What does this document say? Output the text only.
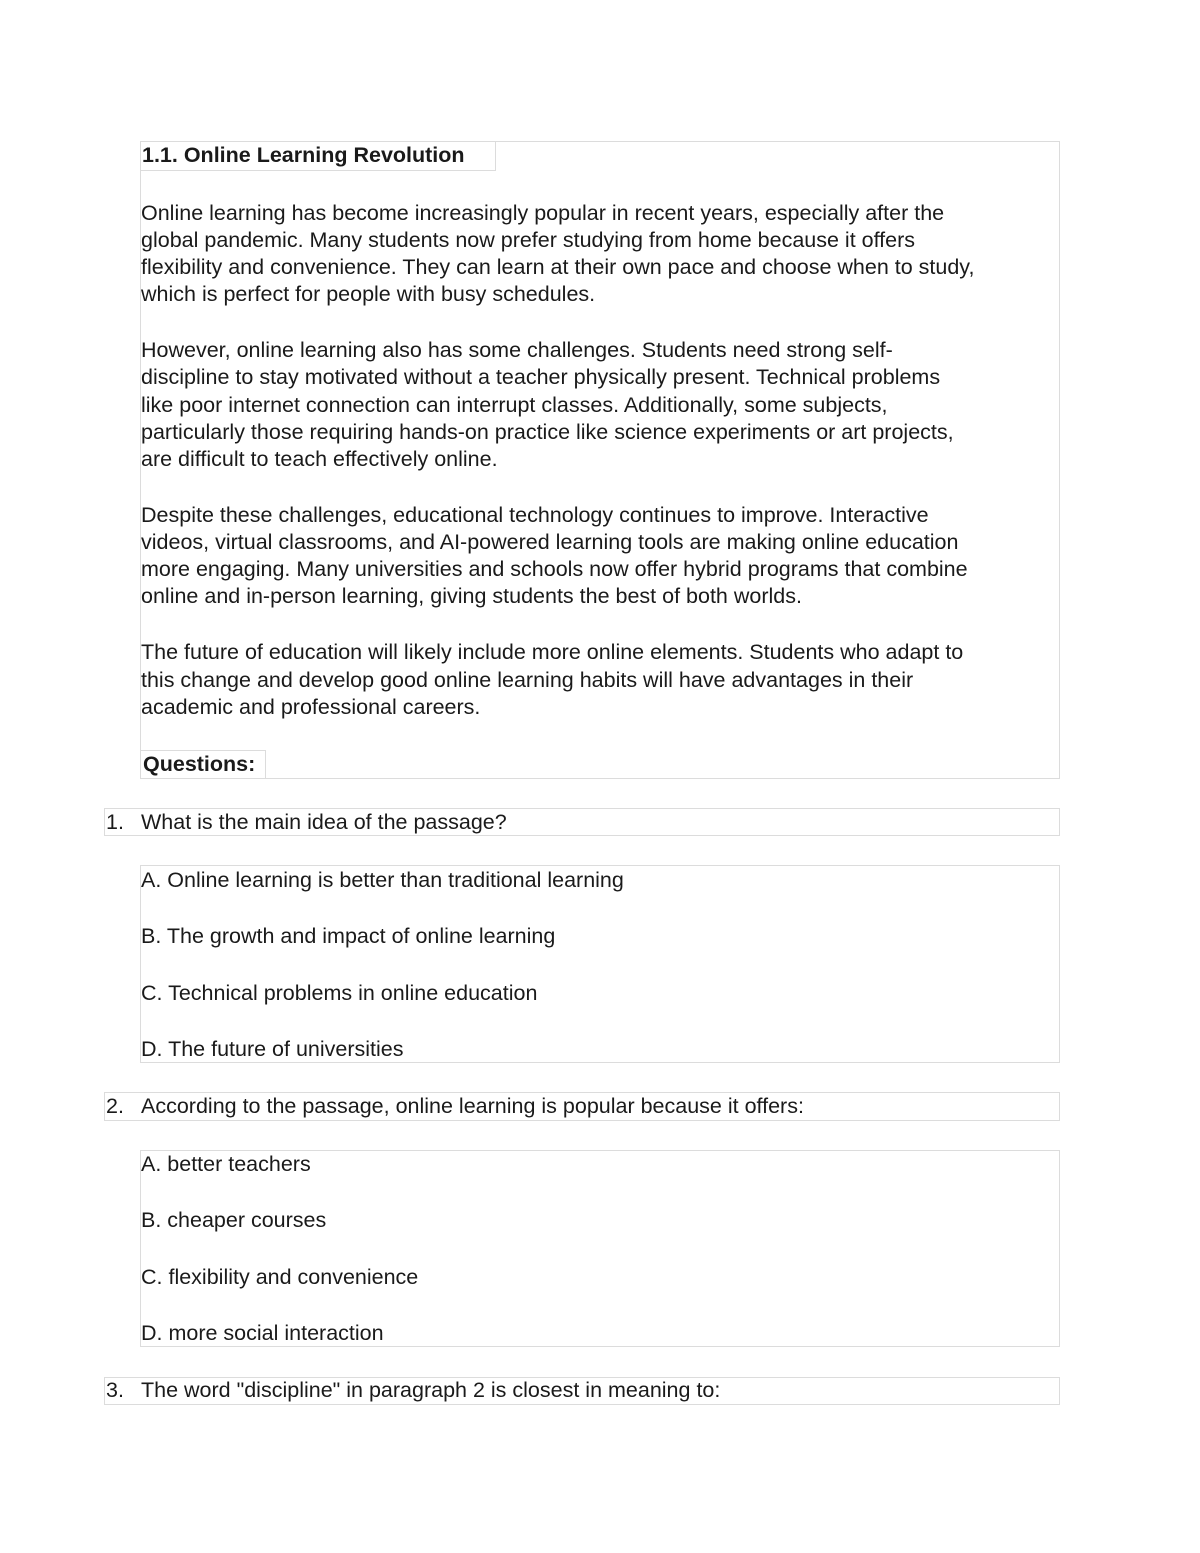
1.1. Online Learning Revolution

Online learning has become increasingly popular in recent years, especially after the

global pandemic. Many students now prefer studying from home because it offers

flexibility and convenience. They can learn at their own pace and choose when to study,

which is perfect for people with busy schedules.

However, online learning also has some challenges. Students need strong self-

discipline to stay motivated without a teacher physically present. Technical problems

like poor internet connection can interrupt classes. Additionally, some subjects,

particularly those requiring hands-on practice like science experiments or art projects,

are difficult to teach effectively online.

Despite these challenges, educational technology continues to improve. Interactive

videos, virtual classrooms, and AI-powered learning tools are making online education

more engaging. Many universities and schools now offer hybrid programs that combine

online and in-person learning, giving students the best of both worlds.

The future of education will likely include more online elements. Students who adapt to

this change and develop good online learning habits will have advantages in their

academic and professional careers.

Questions:

1. What is the main idea of the passage?

A. Online learning is better than traditional learning

B. The growth and impact of online learning

C. Technical problems in online education

D. The future of universities

2. According to the passage, online learning is popular because it offers:

A. better teachers

B. cheaper courses

C. flexibility and convenience

D. more social interaction

3. The word "discipline" in paragraph 2 is closest in meaning to:
